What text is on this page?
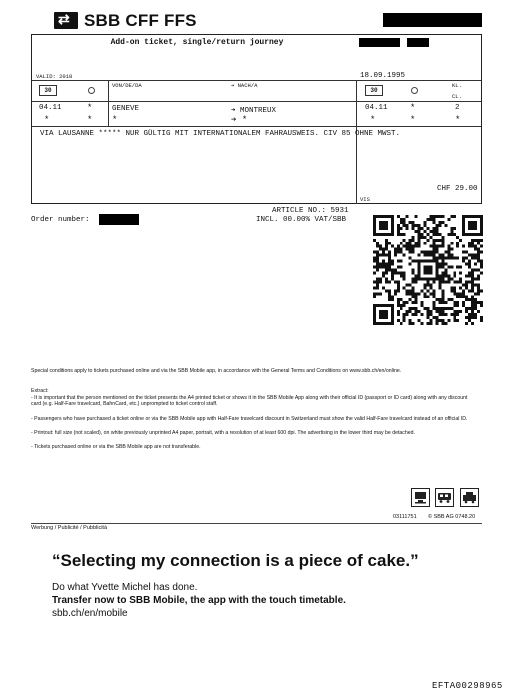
⇄ SBB CFF FFS
Add-on ticket, single/return journey
VALID: 2018	18.09.1995
30
VON/DE/DA	➔ NACH/A
30
KL.
CL.
04.11	*	GENEVE	➔ MONTREUX	04.11 *	2
*	* *	➔ *	*	*	*
VIA LAUSANNE ***** NUR GÜLTIG MIT INTERNATIONALEM FAHRAUSWEIS. CIV 85 OHNE MWST.
CHF 29.00
VIS
Order number:
ARTICLE NO.: 5931
INCL. 00.00% VAT/SBB
Special conditions apply to tickets purchased online and via the SBB Mobile app, in accordance with the General Terms and Conditions on www.sbb.ch/en/online.
Extract:
- It is important that the person mentioned on the ticket presents the A4 printed ticket or shows it in the SBB Mobile App along with their official ID (passport or ID card) along with any discount card (e.g. Half-Fare travelcard, BahnCard, etc.) unprompted to ticket control staff.
- Passengers who have purchased a ticket online or via the SBB Mobile app with Half-Fare travelcard discount in Switzerland must show the valid Half-Fare travelcard instead of an official ID.
- Printout: full size (not scaled), on white previously unprinted A4 paper, portrait, with a resolution of at least 600 dpi. The advertising in the lower third may be detached.
- Tickets purchased online or via the SBB Mobile app are not transferable.
03111751 © SBB AG 0748.20
Werbung / Publicité / Pubblicità
“Selecting my connection is a piece of cake.”
Do what Yvette Michel has done.
Transfer now to SBB Mobile, the app with the touch timetable.
sbb.ch/en/mobile
EFTA00298965
